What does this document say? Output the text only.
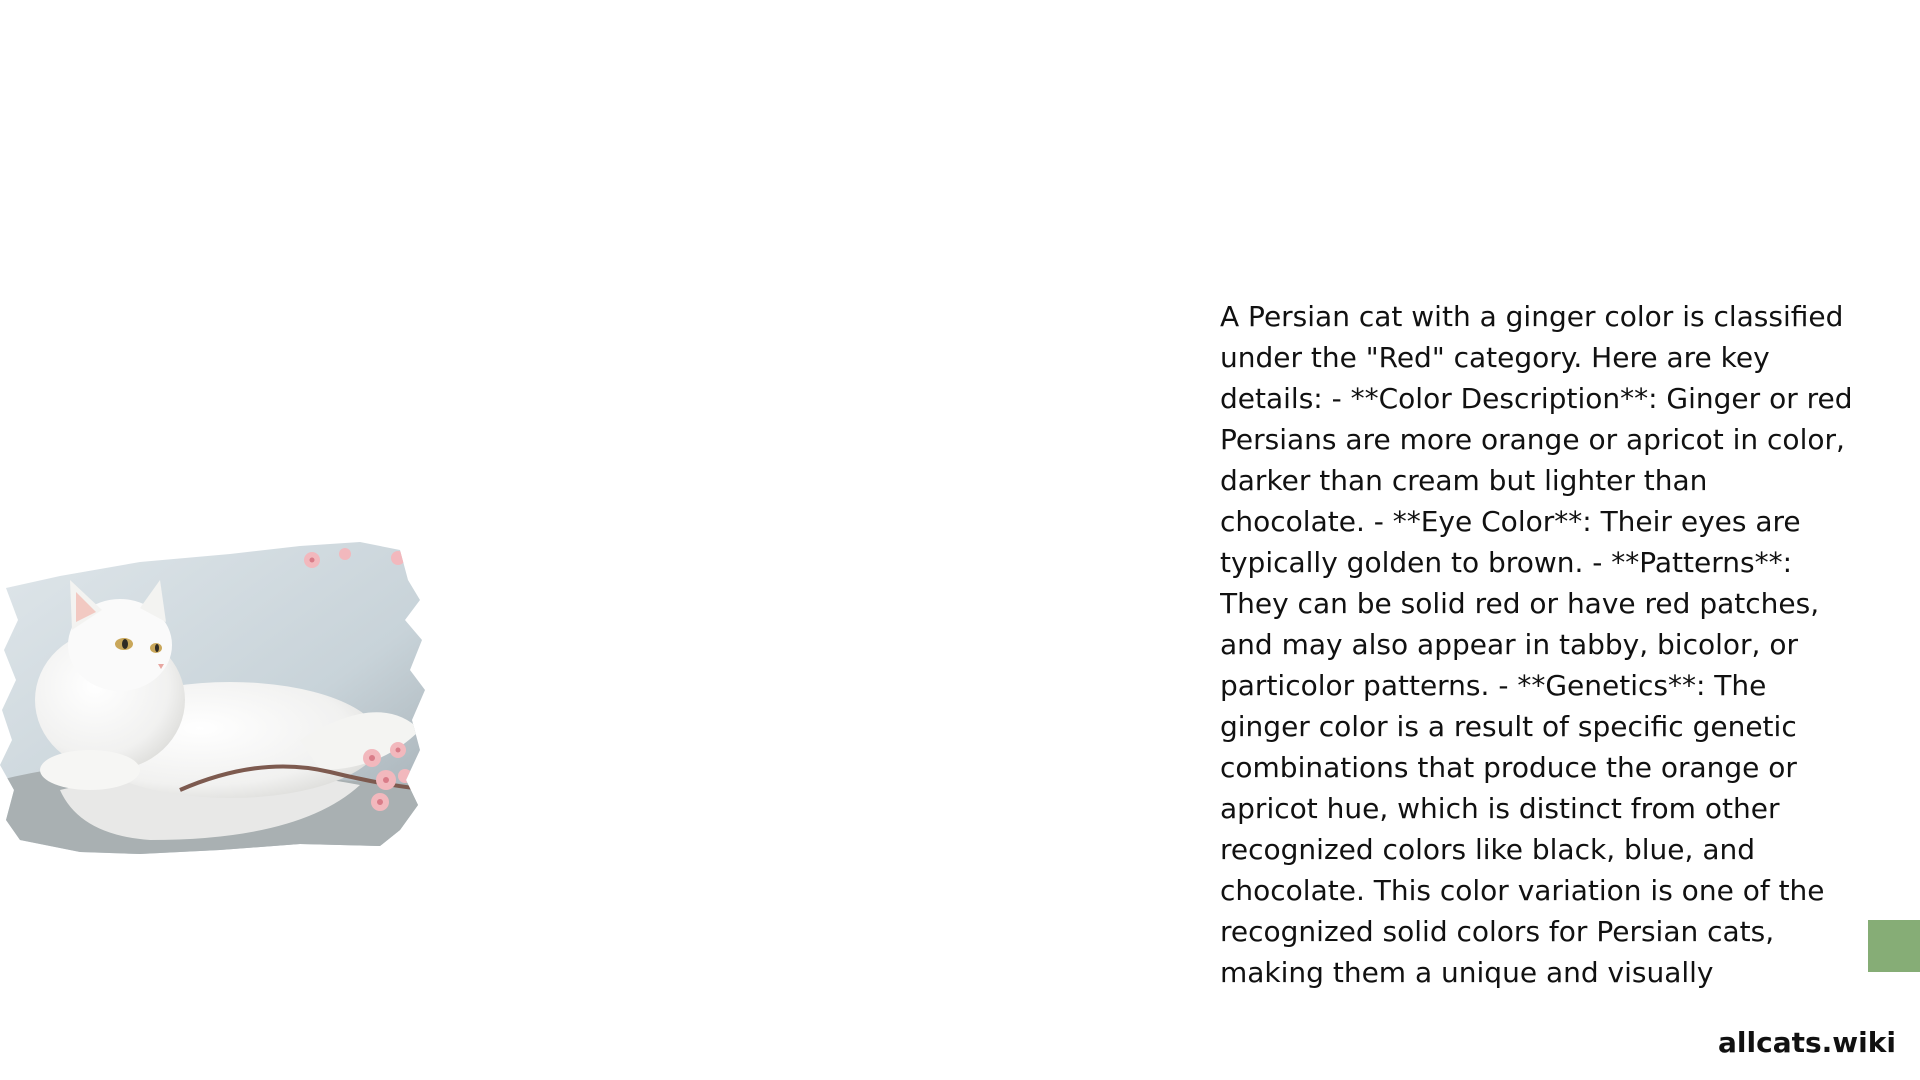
A Persian cat with a ginger color is classified under the "Red" category. Here are key details: - **Color Description**: Ginger or red Persians are more orange or apricot in color, darker than cream but lighter than chocolate. - **Eye Color**: Their eyes are typically golden to brown. - **Patterns**: They can be solid red or have red patches, and may also appear in tabby, bicolor, or particolor patterns. - **Genetics**: The ginger color is a result of specific genetic combinations that produce the orange or apricot hue, which is distinct from other recognized colors like black, blue, and chocolate. This color variation is one of the recognized solid colors for Persian cats, making them a unique and visually

allcats.wiki
